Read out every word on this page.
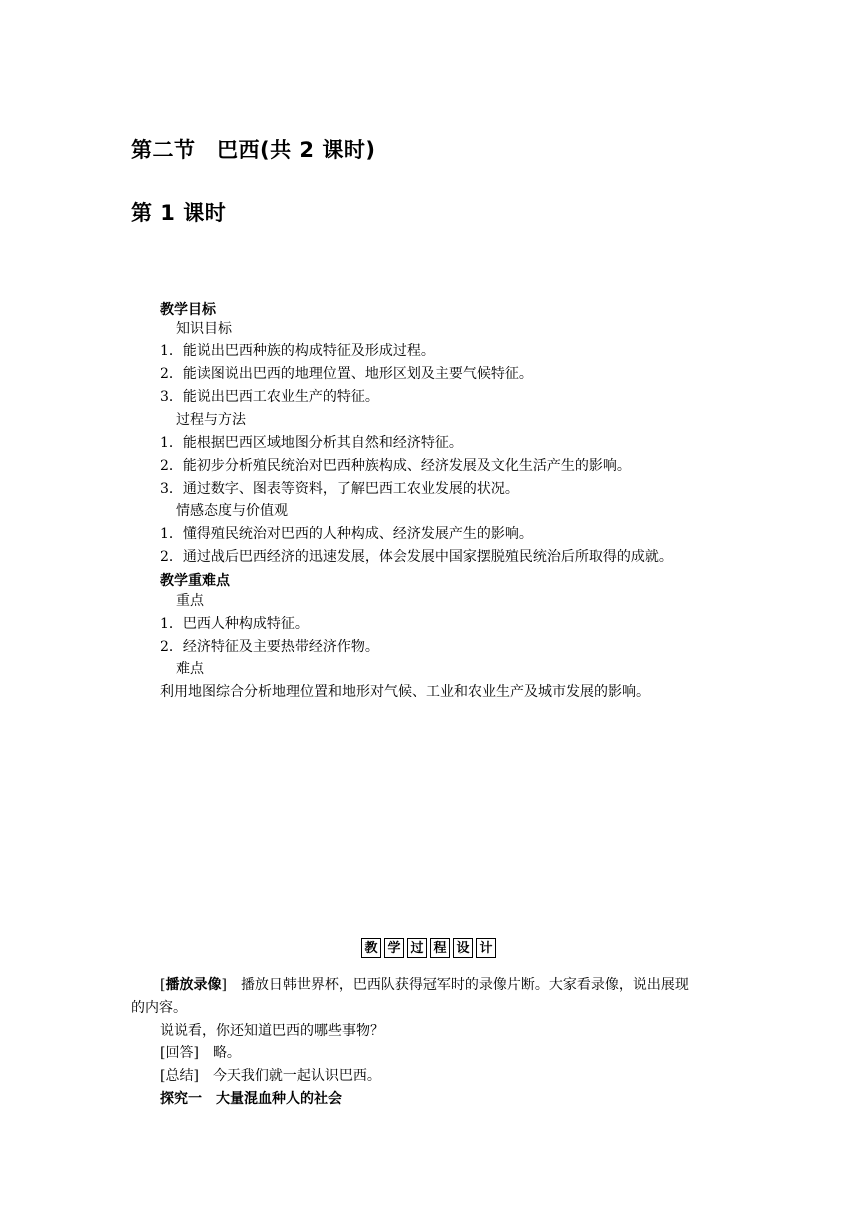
第二节　巴西(共 2 课时)
第 1 课时
教学目标
知识目标
1．能说出巴西种族的构成特征及形成过程。
2．能读图说出巴西的地理位置、地形区划及主要气候特征。
3．能说出巴西工农业生产的特征。
过程与方法
1．能根据巴西区域地图分析其自然和经济特征。
2．能初步分析殖民统治对巴西种族构成、经济发展及文化生活产生的影响。
3．通过数字、图表等资料，了解巴西工农业发展的状况。
情感态度与价值观
1．懂得殖民统治对巴西的人种构成、经济发展产生的影响。
2．通过战后巴西经济的迅速发展，体会发展中国家摆脱殖民统治后所取得的成就。
教学重难点
重点
1．巴西人种构成特征。
2．经济特征及主要热带经济作物。
难点
利用地图综合分析地理位置和地形对气候、工业和农业生产及城市发展的影响。
教 学 过 程 设 计
[播放录像]　 播放日韩世界杯，巴西队获得冠军时的录像片断。大家看录像，说出展现
的内容。
说说看，你还知道巴西的哪些事物？
[回答]　 略。
[总结]　 今天我们就一起认识巴西。
探究一　大量混血种人的社会
